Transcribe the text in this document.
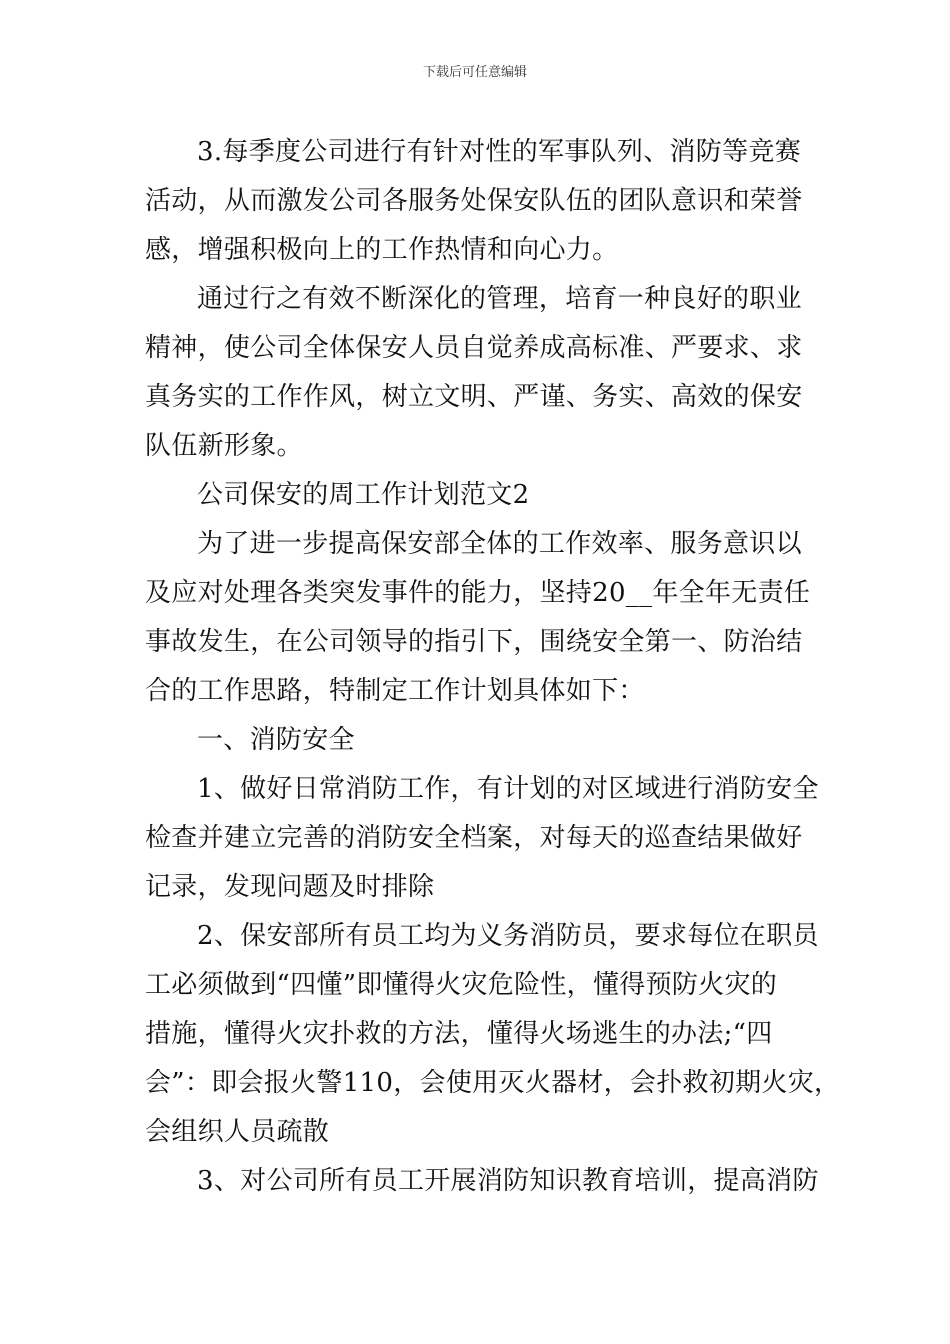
下载后可任意编辑
3.每季度公司进行有针对性的军事队列、消防等竞赛
活动，从而激发公司各服务处保安队伍的团队意识和荣誉
感，增强积极向上的工作热情和向心力。
通过行之有效不断深化的管理，培育一种良好的职业
精神，使公司全体保安人员自觉养成高标准、严要求、求
真务实的工作作风，树立文明、严谨、务实、高效的保安
队伍新形象。
公司保安的周工作计划范文2
为了进一步提高保安部全体的工作效率、服务意识以
及应对处理各类突发事件的能力，坚持20__年全年无责任
事故发生，在公司领导的指引下，围绕安全第一、防治结
合的工作思路，特制定工作计划具体如下：
一、消防安全
1、做好日常消防工作，有计划的对区域进行消防安全
检查并建立完善的消防安全档案，对每天的巡查结果做好
记录，发现问题及时排除
2、保安部所有员工均为义务消防员，要求每位在职员
工必须做到“四懂”即懂得火灾危险性，懂得预防火灾的
措施，懂得火灾扑救的方法，懂得火场逃生的办法;“四
会”：即会报火警110，会使用灭火器材，会扑救初期火灾，
会组织人员疏散
3、对公司所有员工开展消防知识教育培训，提高消防
